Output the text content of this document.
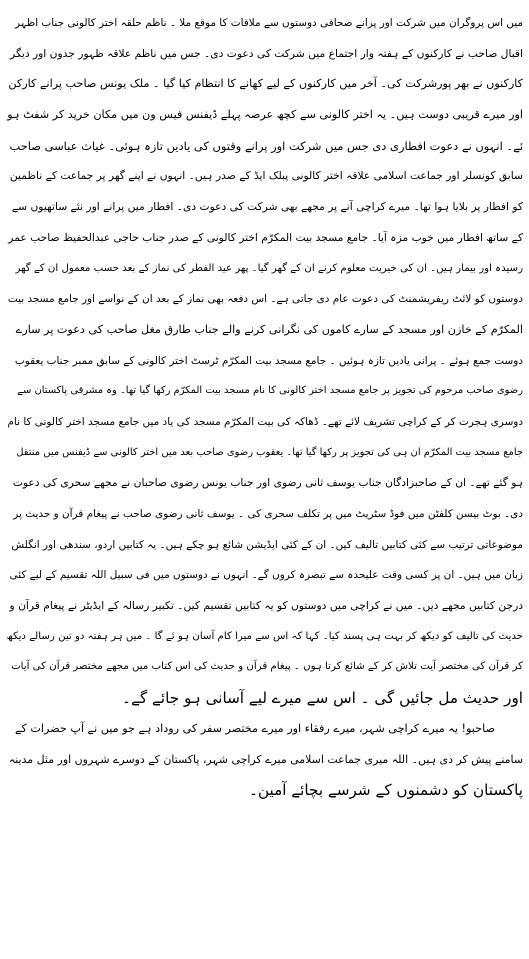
میں اس پروگران میں شرکت اور پرانے صحافی دوستوں سے ملاقات کا موقع ملا ۔ ناظم حلقہ اختر کالونی جناب اظہر
اقبال صاحب نے کارکنوں کے ہفتہ وار اجتماع میں شرکت کی دعوت دی۔ جس میں ناظم علاقہ ظہور جدون اور دیگر
کارکنوں نے بھر پورشرکت کی۔ آخر میں کارکنوں کے لیے کھانے کا انتظام کیا گیا ۔ ملک یونس صاحب پرانے کارکن
اور میرے قریبی دوست ہیں۔ یہ اختر کالونی سے کچھ عرصہ پہلے ڈیفنس فیس ون میں مکان خرید کر شفٹ ہو
ئے۔ انہوں نے دعوت افطاری دی جس میں شرکت اور پرانے وقتوں کی یادیں تازہ ہوئی۔ غیاث عباسی صاحب
سابق کونسلر اور جماعت اسلامی علاقہ اختر کالونی پبلک ایڈ کے صدر ہیں۔ انہوں نے اپنے گھر پر جماعت کے ناظمین
کو افطار پر بلایا ہوا تھا۔ میرے کراچی آنے پر مجھے بھی شرکت کی دعوت دی۔ افطار میں پرانے اور نئے ساتھیوں سے
کے ساتھ افطار میں خوب مزہ آیا۔ جامع مسجد بیت المکرّم اختر کالونی کے صدر جناب حاجی عبدالحفیظ صاحب عمر
رسیدہ اور بیمار ہیں۔ ان کی خیریت معلوم کرنے ان کے گھر گیا۔ پھر عید الفطر کی نماز کے بعد حسب معمول ان کے گھر
دوستوں کو لائٹ ریفریشمنٹ کی دعوت عام دی جاتی ہے۔ اس دفعہ بھی نماز کے بعد ان کے نواسے اور جامع مسجد بیت
المکرّم کے خازن اور مسجد کے سارے کاموں کی نگرانی کرنے والے جناب طارق مغل صاحب کی دعوت پر سارے
دوست جمع ہوئے ۔ پرانی یادیں تازہ ہوئیں ۔ جامع مسجد بیت المکرّم ٹرسٹ اختر کالونی کے سابق ممبر جناب یعقوب
رضوی صاحب مرحوم کی تجویز پر جامع مسجد اختر کالونی کا نام مسجد بیت المکرّم رکھا گیا تھا۔ وہ مشرقی پاکستان سے
دوسری ہجرت کر کے کراچی تشریف لائے تھے۔ ڈھاکہ کی بیت المکرّم مسجد کی یاد میں جامع مسجد اختر کالونی کا نام
جامع مسجد بیت المکرّم ان ہی کی تجویز پر رکھا گیا تھا۔ یعقوب رضوی صاحب بعد میں اختر کالونی سے ڈیفنس میں منتقل
ہو گئے تھے۔ ان کے صاحبزادگان جناب یوسف ثانی رضوی اور جناب یونس رضوی صاحبان نے مجھے سحری کی دعوت
دی۔ بوٹ بیسن کلفٹن میں فوڈ سٹریٹ میں پر تکلف سحری کی ۔ یوسف ثانی رضوی صاحب نے پیغام قرآن و حدیث پر
موضوعاتی ترتیب سے کئی کتابیں تالیف کیں۔ ان کے کئی ایڈیشن شائع ہو چکے ہیں۔ یہ کتابیں اردو، سندھی اور انگلش
زبان میں ہیں۔ ان پر کسی وقت علیحدہ سے تبصرہ کروں گے۔ انہوں نے دوستوں میں فی سبیل اللہ تقسیم کے لیے کئی
درجن کتابیں مجھے دیں۔ میں نے کراچی میں دوستوں کو یہ کتابیں تقسیم کیں۔ تکبیر رسالہ کے ایڈیٹر نے پیغام قرآن و
حدیث کی تالیف کو دیکھ کر بہت ہی پسند کیا۔ کہا کہ اس سے میرا کام آسان ہو ئے گا ۔ میں ہر ہفتہ دو تین رسالے دیکھ
کر قرآن کی مختصر آیت تلاش کر کے شائع کرتا ہوں ۔ پیغام قرآن و حدیث کی اس کتاب میں مجھے مختصر قرآن کی آیات
اور حدیث مل جائیں گی ۔ اس سے میرے لیے آسانی ہو جائے گے۔
صاحبو! یہ میرے کراچی شہر، میرے رفقاء اور میرے مختصر سفر کی روداد ہے جو میں نے آپ حضرات کے
سامنے پیش کر دی ہیں۔ اللہ میری جماعت اسلامی میرے کراچی شہر، پاکستان کے دوسرے شہروں اور مثل مدینہ
پاکستان کو دشمنوں کے شرسے بچائے آمین۔
